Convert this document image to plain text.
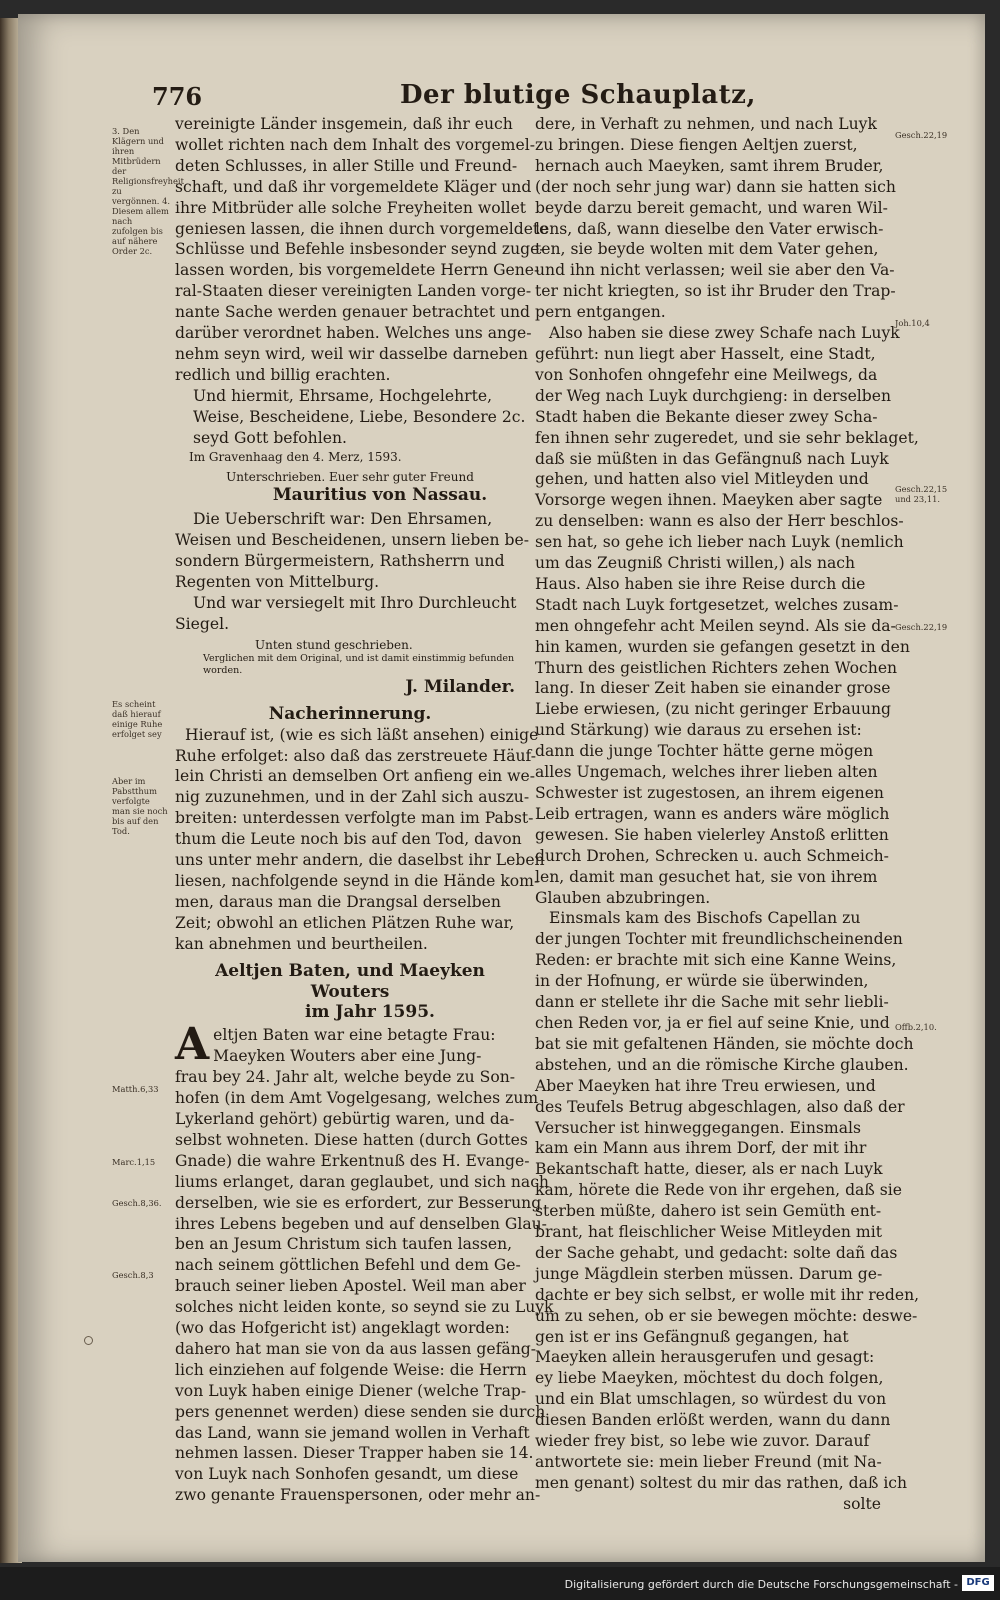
776	Der blutige Schauplatz,
3. Den Klägern und ihren Mitbrüdern der Religionsfreyheit zu vergönnen. 4. Diesem allem nach zufolgen bis auf nähere Order 2c.
Es scheint daß hierauf einige Ruhe erfolget sey
Aber im Pabstthum verfolgte man sie noch bis auf den Tod.
Matth.6,33
Marc.1,15
Gesch.8,36.
Gesch.8,3
Gesch.22,19
Joh.10,4
Gesch.22,15 und 23,11.
Gesch.22,19
Offb.2,10.
vereinigte Länder insgemein, daß ihr euch
wollet richten nach dem Inhalt des vorgemel-
deten Schlusses, in aller Stille und Freund-
schaft, und daß ihr vorgemeldete Kläger und
ihre Mitbrüder alle solche Freyheiten wollet
geniesen lassen, die ihnen durch vorgemeldete
Schlüsse und Befehle insbesonder seynd zuge-
lassen worden, bis vorgemeldete Herrn Gene-
ral-Staaten dieser vereinigten Landen vorge-
nante Sache werden genauer betrachtet und
darüber verordnet haben. Welches uns ange-
nehm seyn wird, weil wir dasselbe darneben
redlich und billig erachten.
Und hiermit, Ehrsame, Hochgelehrte,
Weise, Bescheidene, Liebe, Besondere 2c.
seyd Gott befohlen.
Im Gravenhaag den 4. Merz, 1593.
Unterschrieben. Euer sehr guter Freund
Mauritius von Nassau.
Die Ueberschrift war: Den Ehrsamen,
Weisen und Bescheidenen, unsern lieben be-
sondern Bürgermeistern, Rathsherrn und
Regenten von Mittelburg.
Und war versiegelt mit Ihro Durchleucht
Siegel.
Unten stund geschrieben.
Verglichen mit dem Original, und ist damit einstimmig befunden worden.
J. Milander.
Nacherinnerung.
Hierauf ist, (wie es sich läßt ansehen) einige
Ruhe erfolget: also daß das zerstreuete Häuf-
lein Christi an demselben Ort anfieng ein we-
nig zuzunehmen, und in der Zahl sich auszu-
breiten: unterdessen verfolgte man im Pabst-
thum die Leute noch bis auf den Tod, davon
uns unter mehr andern, die daselbst ihr Leben
liesen, nachfolgende seynd in die Hände kom-
men, daraus man die Drangsal derselben
Zeit; obwohl an etlichen Plätzen Ruhe war,
kan abnehmen und beurtheilen.
Aeltjen Baten, und Maeyken Wouters
im Jahr 1595.
A eltjen Baten war eine betagte Frau:
Maeyken Wouters aber eine Jung-
frau bey 24. Jahr alt, welche beyde zu Son-
hofen (in dem Amt Vogelgesang, welches zum
Lykerland gehört) gebürtig waren, und da-
selbst wohneten. Diese hatten (durch Gottes
Gnade) die wahre Erkentnuß des H. Evange-
liums erlanget, daran geglaubet, und sich nach
derselben, wie sie es erfordert, zur Besserung
ihres Lebens begeben und auf denselben Glau-
ben an Jesum Christum sich taufen lassen,
nach seinem göttlichen Befehl und dem Ge-
brauch seiner lieben Apostel. Weil man aber
solches nicht leiden konte, so seynd sie zu Luyk
(wo das Hofgericht ist) angeklagt worden:
dahero hat man sie von da aus lassen gefäng-
lich einziehen auf folgende Weise: die Herrn
von Luyk haben einige Diener (welche Trap-
pers genennet werden) diese senden sie durch
das Land, wann sie jemand wollen in Verhaft
nehmen lassen. Dieser Trapper haben sie 14.
von Luyk nach Sonhofen gesandt, um diese
zwo genante Frauenspersonen, oder mehr an-
dere, in Verhaft zu nehmen, und nach Luyk
zu bringen. Diese fiengen Aeltjen zuerst,
hernach auch Maeyken, samt ihrem Bruder,
(der noch sehr jung war) dann sie hatten sich
beyde darzu bereit gemacht, und waren Wil-
lens, daß, wann dieselbe den Vater erwisch-
ten, sie beyde wolten mit dem Vater gehen,
und ihn nicht verlassen; weil sie aber den Va-
ter nicht kriegten, so ist ihr Bruder den Trap-
pern entgangen.
Also haben sie diese zwey Schafe nach Luyk
geführt: nun liegt aber Hasselt, eine Stadt,
von Sonhofen ohngefehr eine Meilwegs, da
der Weg nach Luyk durchgieng: in derselben
Stadt haben die Bekante dieser zwey Scha-
fen ihnen sehr zugeredet, und sie sehr beklaget,
daß sie müßten in das Gefängnuß nach Luyk
gehen, und hatten also viel Mitleyden und
Vorsorge wegen ihnen. Maeyken aber sagte
zu denselben: wann es also der Herr beschlos-
sen hat, so gehe ich lieber nach Luyk (nemlich
um das Zeugniß Christi willen,) als nach
Haus. Also haben sie ihre Reise durch die
Stadt nach Luyk fortgesetzet, welches zusam-
men ohngefehr acht Meilen seynd. Als sie da-
hin kamen, wurden sie gefangen gesetzt in den
Thurn des geistlichen Richters zehen Wochen
lang. In dieser Zeit haben sie einander grose
Liebe erwiesen, (zu nicht geringer Erbauung
und Stärkung) wie daraus zu ersehen ist:
dann die junge Tochter hätte gerne mögen
alles Ungemach, welches ihrer lieben alten
Schwester ist zugestosen, an ihrem eigenen
Leib ertragen, wann es anders wäre möglich
gewesen. Sie haben vielerley Anstoß erlitten
durch Drohen, Schrecken u. auch Schmeich-
len, damit man gesuchet hat, sie von ihrem
Glauben abzubringen.
Einsmals kam des Bischofs Capellan zu
der jungen Tochter mit freundlichscheinenden
Reden: er brachte mit sich eine Kanne Weins,
in der Hofnung, er würde sie überwinden,
dann er stellete ihr die Sache mit sehr liebli-
chen Reden vor, ja er fiel auf seine Knie, und
bat sie mit gefaltenen Händen, sie möchte doch
abstehen, und an die römische Kirche glauben.
Aber Maeyken hat ihre Treu erwiesen, und
des Teufels Betrug abgeschlagen, also daß der
Versucher ist hinweggegangen. Einsmals
kam ein Mann aus ihrem Dorf, der mit ihr
Bekantschaft hatte, dieser, als er nach Luyk
kam, hörete die Rede von ihr ergehen, daß sie
sterben müßte, dahero ist sein Gemüth ent-
brant, hat fleischlicher Weise Mitleyden mit
der Sache gehabt, und gedacht: solte dañ das
junge Mägdlein sterben müssen. Darum ge-
dachte er bey sich selbst, er wolle mit ihr reden,
um zu sehen, ob er sie bewegen möchte: deswe-
gen ist er ins Gefängnuß gegangen, hat
Maeyken allein herausgerufen und gesagt:
ey liebe Maeyken, möchtest du doch folgen,
und ein Blat umschlagen, so würdest du von
diesen Banden erlößt werden, wann du dann
wieder frey bist, so lebe wie zuvor. Darauf
antwortete sie: mein lieber Freund (mit Na-
men genant) soltest du mir das rathen, daß ich
solte
Digitalisierung gefördert durch die Deutsche Forschungsgemeinschaft - DFG
